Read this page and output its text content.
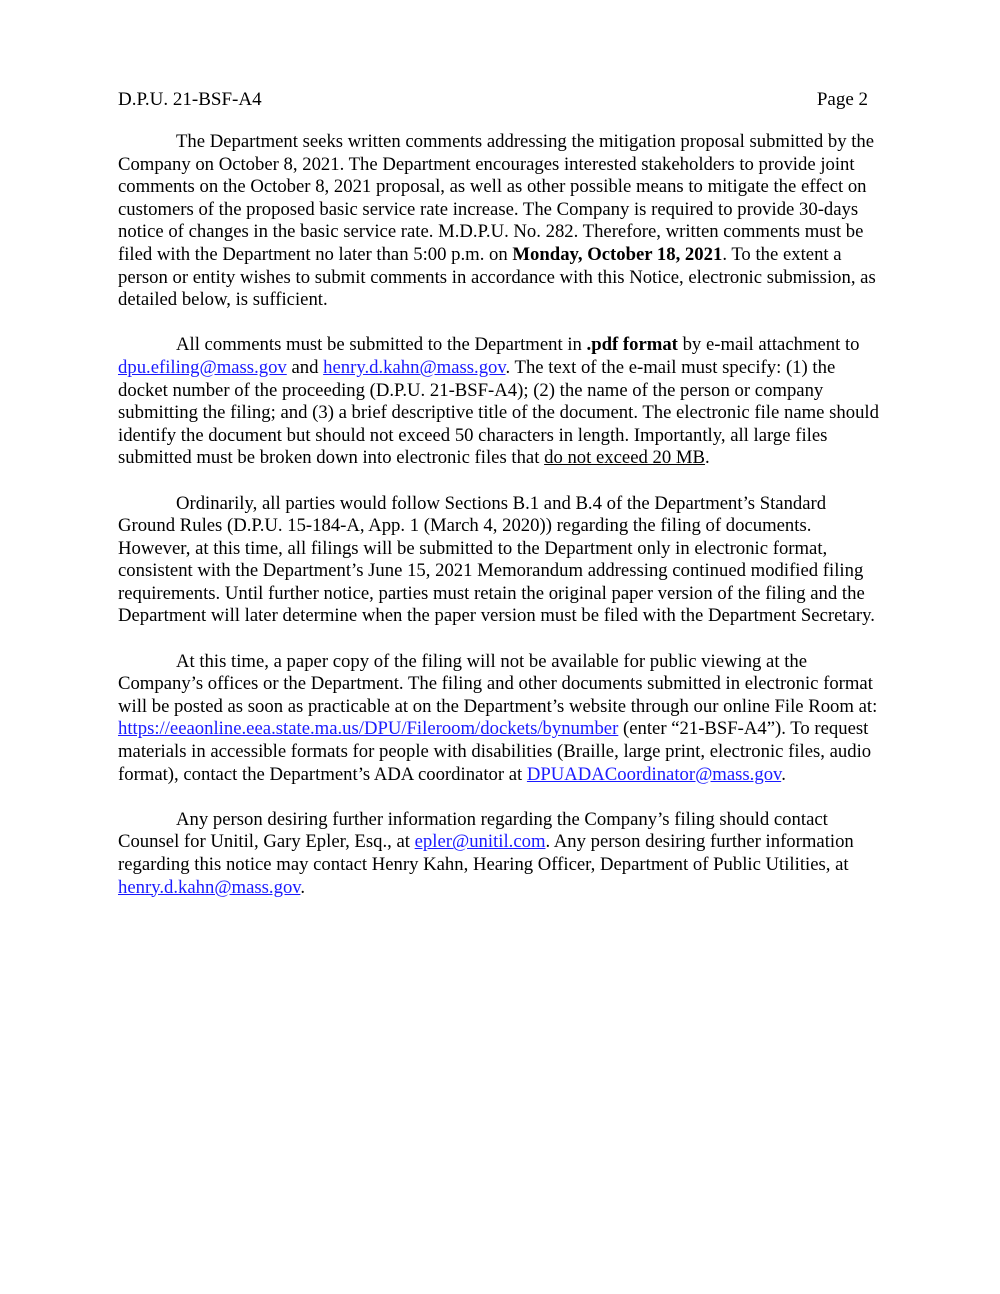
D.P.U. 21-BSF-A4	Page 2

The Department seeks written comments addressing the mitigation proposal submitted by the Company on October 8, 2021. The Department encourages interested stakeholders to provide joint comments on the October 8, 2021 proposal, as well as other possible means to mitigate the effect on customers of the proposed basic service rate increase. The Company is required to provide 30-days notice of changes in the basic service rate. M.D.P.U. No. 282. Therefore, written comments must be filed with the Department no later than 5:00 p.m. on Monday, October 18, 2021. To the extent a person or entity wishes to submit comments in accordance with this Notice, electronic submission, as detailed below, is sufficient.

All comments must be submitted to the Department in .pdf format by e-mail attachment to dpu.efiling@mass.gov and henry.d.kahn@mass.gov. The text of the e-mail must specify: (1) the docket number of the proceeding (D.P.U. 21-BSF-A4); (2) the name of the person or company submitting the filing; and (3) a brief descriptive title of the document. The electronic file name should identify the document but should not exceed 50 characters in length. Importantly, all large files submitted must be broken down into electronic files that do not exceed 20 MB.

Ordinarily, all parties would follow Sections B.1 and B.4 of the Department’s Standard Ground Rules (D.P.U. 15-184-A, App. 1 (March 4, 2020)) regarding the filing of documents. However, at this time, all filings will be submitted to the Department only in electronic format, consistent with the Department’s June 15, 2021 Memorandum addressing continued modified filing requirements. Until further notice, parties must retain the original paper version of the filing and the Department will later determine when the paper version must be filed with the Department Secretary.

At this time, a paper copy of the filing will not be available for public viewing at the Company’s offices or the Department. The filing and other documents submitted in electronic format will be posted as soon as practicable at on the Department’s website through our online File Room at: https://eeaonline.eea.state.ma.us/DPU/Fileroom/dockets/bynumber (enter “21-BSF-A4”). To request materials in accessible formats for people with disabilities (Braille, large print, electronic files, audio format), contact the Department’s ADA coordinator at DPUADACoordinator@mass.gov.

Any person desiring further information regarding the Company’s filing should contact Counsel for Unitil, Gary Epler, Esq., at epler@unitil.com. Any person desiring further information regarding this notice may contact Henry Kahn, Hearing Officer, Department of Public Utilities, at henry.d.kahn@mass.gov.
